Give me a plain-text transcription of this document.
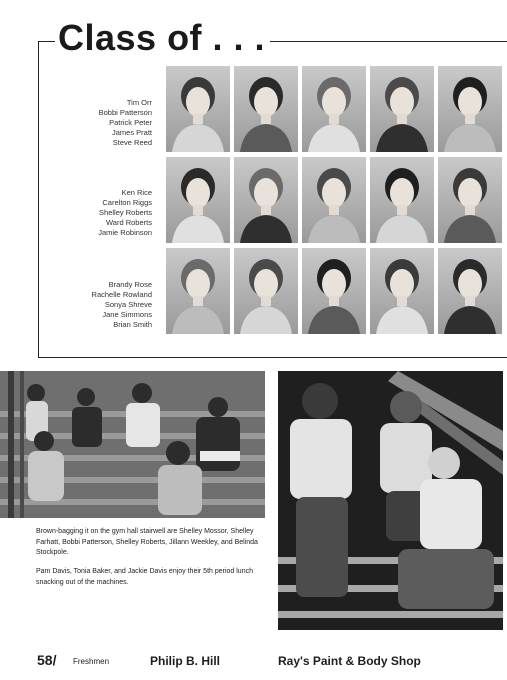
Class of . . .
Tim Orr
Bobbi Patterson
Patrick Peter
James Pratt
Steve Reed
Ken Rice
Carelton Riggs
Shelley Roberts
Ward Roberts
Jamie Robinson
Brandy Rose
Rachelle Rowland
Sonya Shreve
Jane Simmons
Brian Smith

Brown-bagging it on the gym hall stairwell are Shelley Mossor, Shelley Farhatt, Bobbi Patterson, Shelley Roberts, Jillann Weekley, and Belinda Stockpole.

Pam Davis, Tonia Baker, and Jackie Davis enjoy their 5th period lunch snacking out of the machines.

58/ Freshmen	Philip B. Hill	Ray's Paint & Body Shop
